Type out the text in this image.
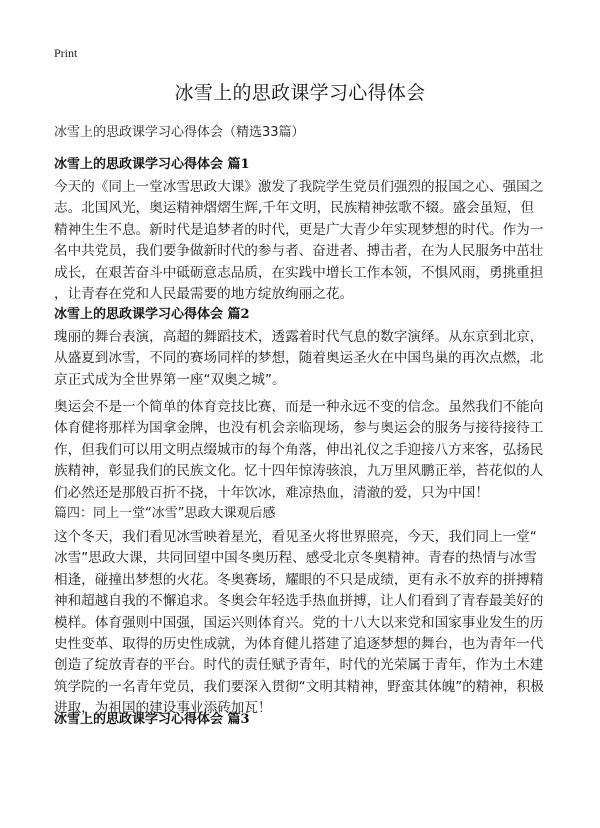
Print
冰雪上的思政课学习心得体会
冰雪上的思政课学习心得体会（精选33篇）
冰雪上的思政课学习心得体会 篇1

今天的《同上一堂冰雪思政大课》激发了我院学生党员们强烈的报国之心、强国之
志。北国风光，奥运精神熠熠生辉,千年文明，民族精神弦歌不辍。盛会虽短，但
精神生生不息。新时代是追梦者的时代，更是广大青少年实现梦想的时代。作为一
名中共党员，我们要争做新时代的参与者、奋进者、搏击者，在为人民服务中茁壮
成长，在艰苦奋斗中砥砺意志品质，在实践中增长工作本领，不惧风雨，勇挑重担
，让青春在党和人民最需要的地方绽放绚丽之花。

冰雪上的思政课学习心得体会 篇2

瑰丽的舞台表演，高超的舞蹈技术，透露着时代气息的数字演绎。从东京到北京，
从盛夏到冰雪，不同的赛场同样的梦想，随着奥运圣火在中国鸟巢的再次点燃，北
京正式成为全世界第一座“双奥之城”。

奥运会不是一个简单的体育竞技比赛，而是一种永远不变的信念。虽然我们不能向
体育健将那样为国拿金牌，也没有机会亲临现场，参与奥运会的服务与接待接待工
作，但我们可以用文明点缀城市的每个角落，伸出礼仪之手迎接八方来客，弘扬民
族精神，彰显我们的民族文化。忆十四年惊涛骇浪，九万里风鹏正举，苔花似的人
们必然还是那般百折不挠，十年饮冰，难凉热血，清澈的爱，只为中国！

篇四：同上一堂“冰雪”思政大课观后感

这个冬天，我们看见冰雪映着星光，看见圣火将世界照亮，今天，我们同上一堂“
冰雪”思政大课，共同回望中国冬奥历程、感受北京冬奥精神。青春的热情与冰雪
相逢，碰撞出梦想的火花。冬奥赛场，耀眼的不只是成绩，更有永不放弃的拼搏精
神和超越自我的不懈追求。冬奥会年轻选手热血拼搏，让人们看到了青春最美好的
模样。体育强则中国强，国运兴则体育兴。党的十八大以来党和国家事业发生的历
史性变革、取得的历史性成就，为体育健儿搭建了追逐梦想的舞台，也为青年一代
创造了绽放青春的平台。时代的责任赋予青年，时代的光荣属于青年，作为土木建
筑学院的一名青年党员，我们要深入贯彻“文明其精神，野蛮其体魄”的精神，积极
进取，为祖国的建设事业添砖加瓦！

冰雪上的思政课学习心得体会 篇3
